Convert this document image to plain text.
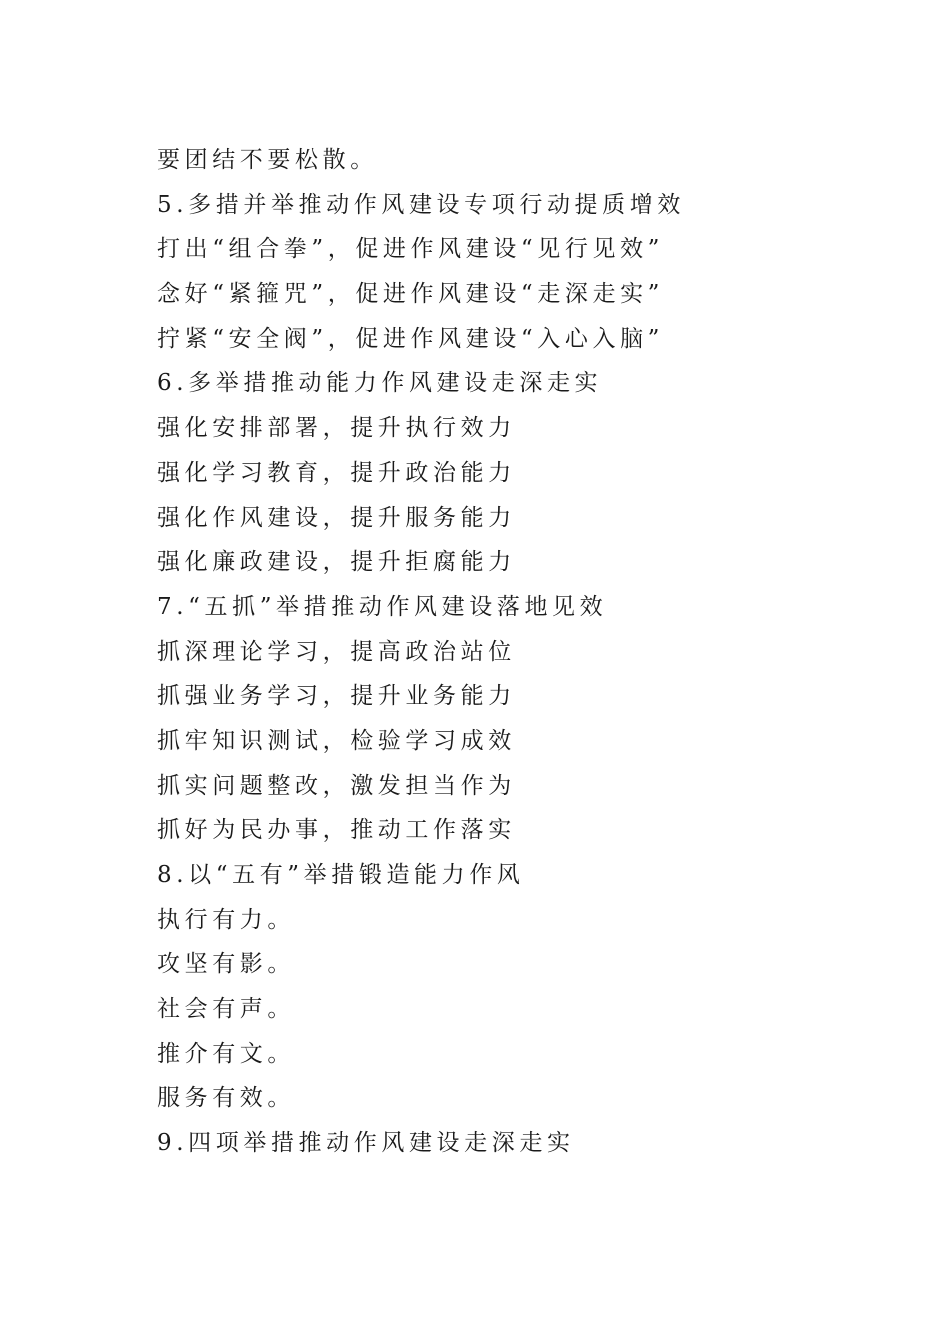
要团结不要松散。
5.多措并举推动作风建设专项行动提质增效
打出“组合拳”，促进作风建设“见行见效”
念好“紧箍咒”，促进作风建设“走深走实”
拧紧“安全阀”，促进作风建设“入心入脑”
6.多举措推动能力作风建设走深走实
强化安排部署，提升执行效力
强化学习教育，提升政治能力
强化作风建设，提升服务能力
强化廉政建设，提升拒腐能力
7.“五抓”举措推动作风建设落地见效
抓深理论学习，提高政治站位
抓强业务学习，提升业务能力
抓牢知识测试，检验学习成效
抓实问题整改，激发担当作为
抓好为民办事，推动工作落实
8.以“五有”举措锻造能力作风
执行有力。
攻坚有影。
社会有声。
推介有文。
服务有效。
9.四项举措推动作风建设走深走实
